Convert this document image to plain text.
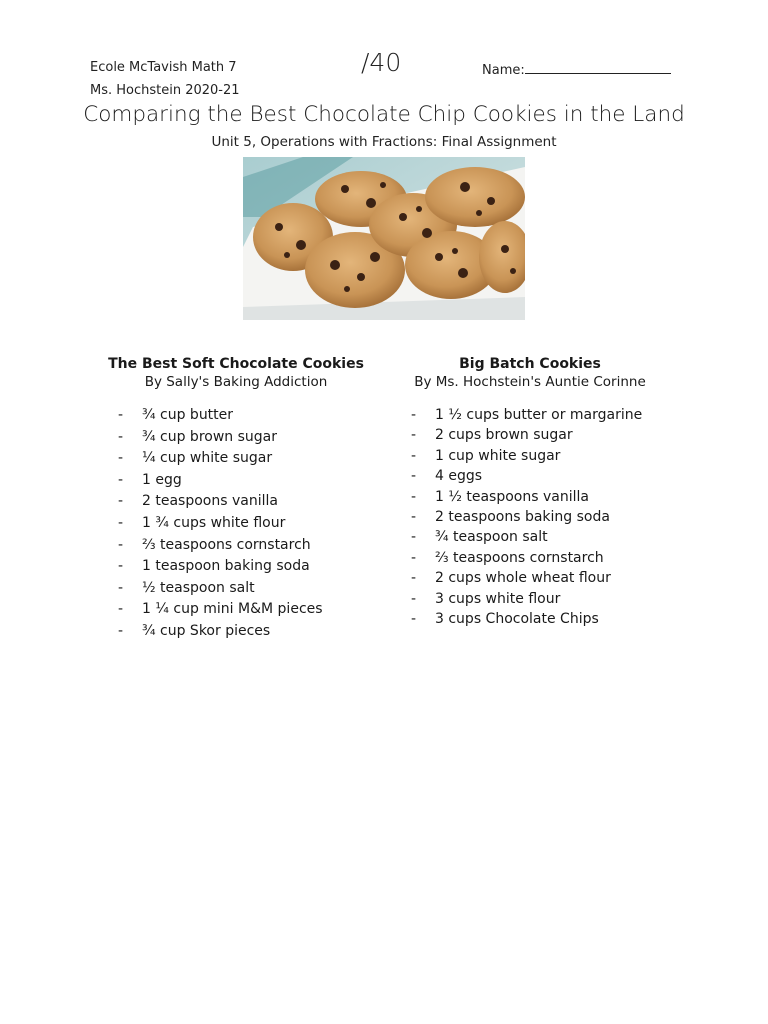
Ecole McTavish Math 7
Ms. Hochstein 2020-21
/40	Name:
Comparing the Best Chocolate Chip Cookies in the Land
Unit 5, Operations with Fractions: Final Assignment
The Best Soft Chocolate Cookies
By Sally's Baking Addiction
- ¾ cup butter
- ¾ cup brown sugar
- ¼ cup white sugar
- 1 egg
- 2 teaspoons vanilla
- 1 ¾ cups white flour
- ⅔ teaspoons cornstarch
- 1 teaspoon baking soda
- ½ teaspoon salt
- 1 ¼ cup mini M&M pieces
- ¾ cup Skor pieces
Big Batch Cookies
By Ms. Hochstein's Auntie Corinne
- 1 ½ cups butter or margarine
- 2 cups brown sugar
- 1 cup white sugar
- 4 eggs
- 1 ½ teaspoons vanilla
- 2 teaspoons baking soda
- ¾ teaspoon salt
- ⅔ teaspoons cornstarch
- 2 cups whole wheat flour
- 3 cups white flour
- 3 cups Chocolate Chips
